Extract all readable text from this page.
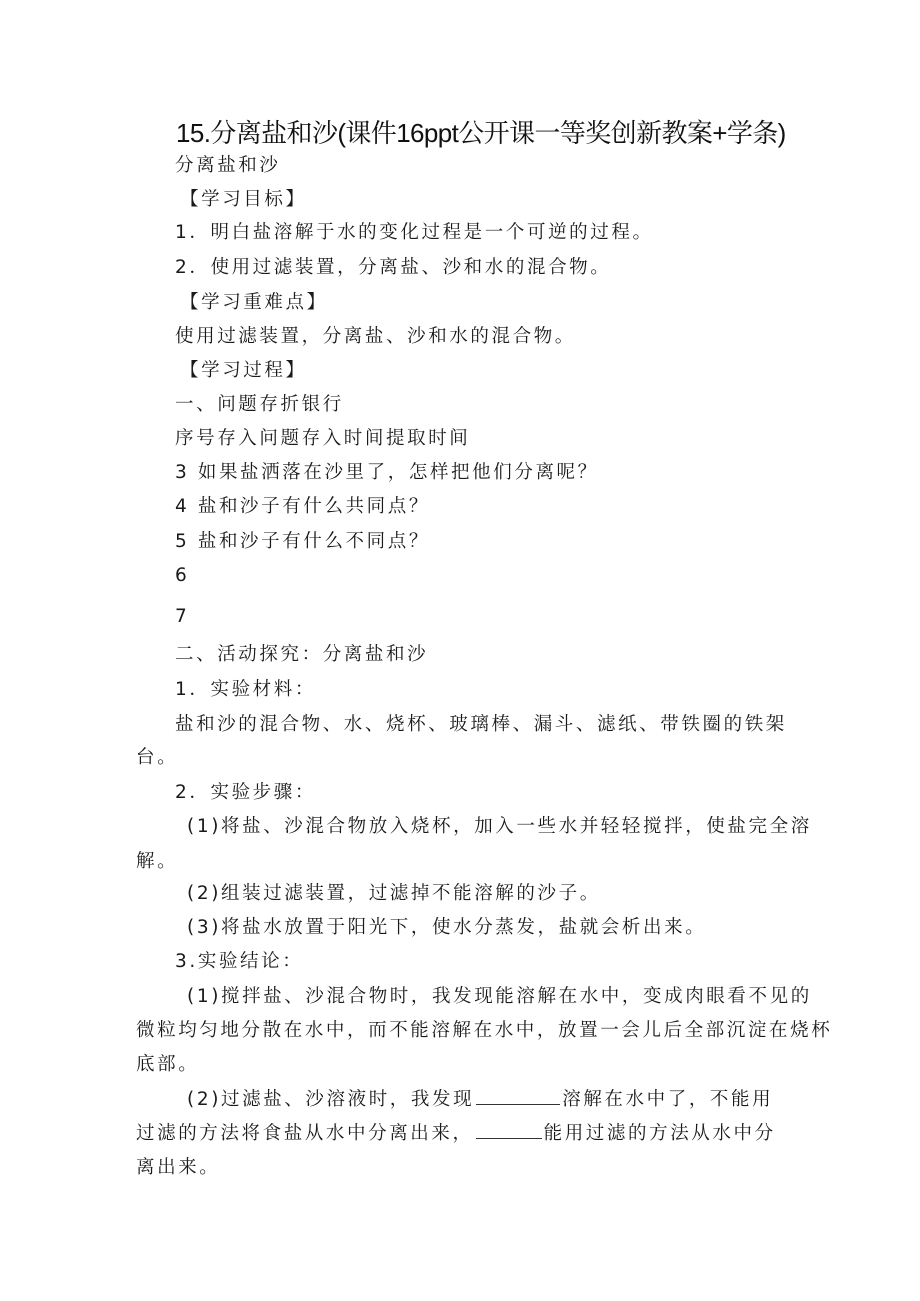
15.分离盐和沙(课件16ppt公开课一等奖创新教案+学条)
分离盐和沙
【学习目标】
1．明白盐溶解于水的变化过程是一个可逆的过程。
2．使用过滤装置，分离盐、沙和水的混合物。
【学习重难点】
使用过滤装置，分离盐、沙和水的混合物。
【学习过程】
一、问题存折银行
序号存入问题存入时间提取时间
3 如果盐洒落在沙里了，怎样把他们分离呢？
4 盐和沙子有什么共同点？
5 盐和沙子有什么不同点？
6
7
二、活动探究：分离盐和沙
1．实验材料：
盐和沙的混合物、水、烧杯、玻璃棒、漏斗、滤纸、带铁圈的铁架
台。
2．实验步骤：
(1)将盐、沙混合物放入烧杯，加入一些水并轻轻搅拌，使盐完全溶
解。
(2)组装过滤装置，过滤掉不能溶解的沙子。
(3)将盐水放置于阳光下，使水分蒸发，盐就会析出来。
3.实验结论：
(1)搅拌盐、沙混合物时，我发现能溶解在水中，变成肉眼看不见的
微粒均匀地分散在水中，而不能溶解在水中，放置一会儿后全部沉淀在烧杯
底部。
(2)过滤盐、沙溶液时，我发现	溶解在水中了，不能用
过滤的方法将食盐从水中分离出来，	能用过滤的方法从水中分
离出来。
